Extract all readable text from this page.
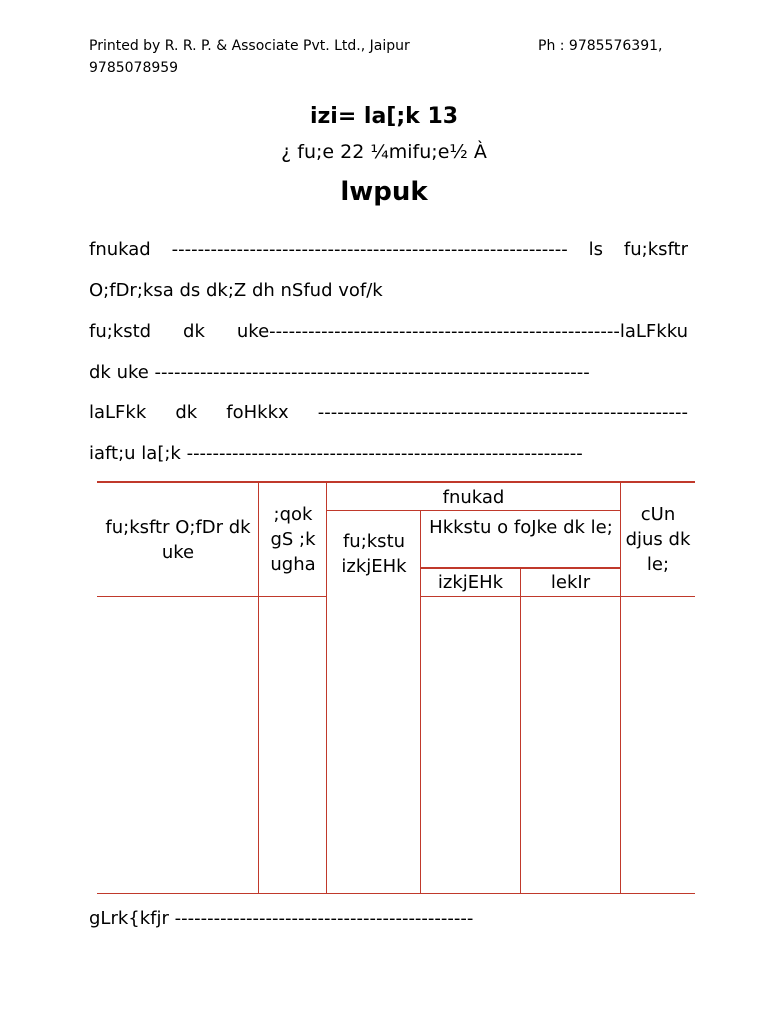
Printed by R. R. P. & Associate Pvt. Ltd., Jaipur	Ph : 9785576391,
9785078959
izi= la[;k 13
¿ fu;e 22 ¼mifu;e½ À
lwpuk
fnukad ------------------------------------------------------------- ls fu;ksftr
O;fDr;ksa ds dk;Z dh nSfud vof/k
fu;kstd dk uke------------------------------------------------------laLFkku
dk uke -------------------------------------------------------------------
laLFkk dk foHkkx ---------------------------------------------------------
iaft;u la[;k -------------------------------------------------------------
fu;ksftr O;fDr dk uke
;qok gS ;k ugha
fnukad
fu;kstu izkjEHk
Hkkstu o foJke dk le;
izkjEHk	lekIr
cUn djus dk le;
gLrk{kfjr ----------------------------------------------
